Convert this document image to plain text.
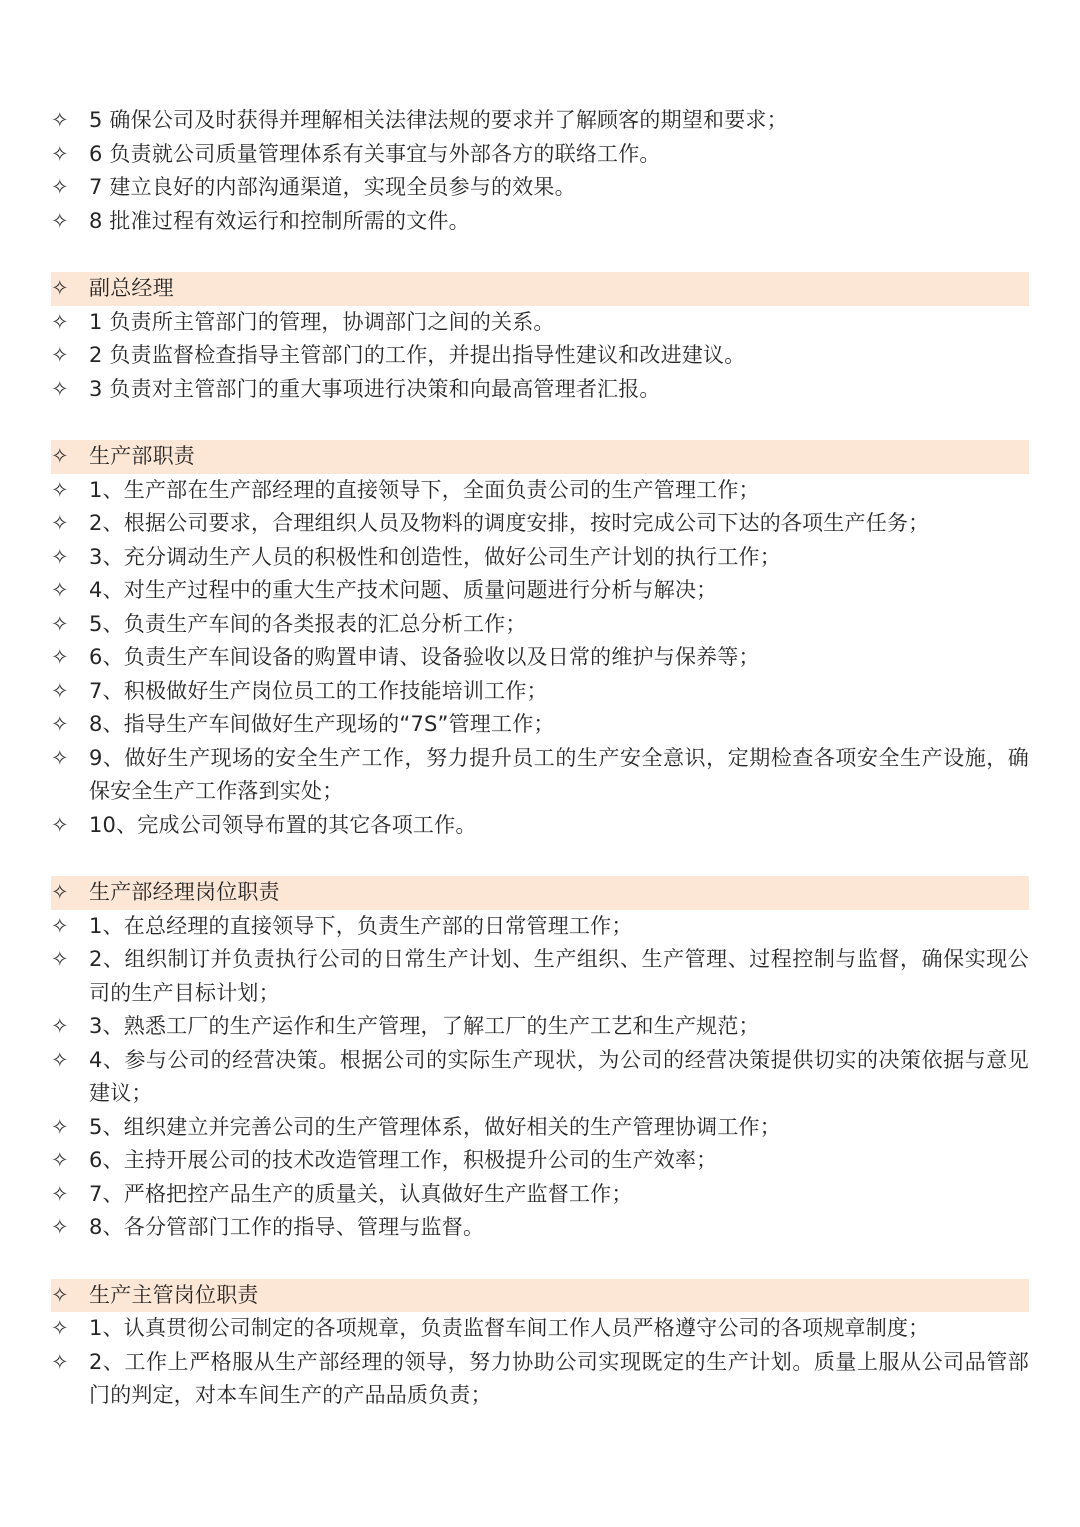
✧ 5 确保公司及时获得并理解相关法律法规的要求并了解顾客的期望和要求；
✧ 6 负责就公司质量管理体系有关事宜与外部各方的联络工作。
✧ 7 建立良好的内部沟通渠道，实现全员参与的效果。
✧ 8 批准过程有效运行和控制所需的文件。
✧ 副总经理
✧ 1 负责所主管部门的管理，协调部门之间的关系。
✧ 2 负责监督检查指导主管部门的工作，并提出指导性建议和改进建议。
✧ 3 负责对主管部门的重大事项进行决策和向最高管理者汇报。
✧ 生产部职责
✧ 1、生产部在生产部经理的直接领导下，全面负责公司的生产管理工作；
✧ 2、根据公司要求，合理组织人员及物料的调度安排，按时完成公司下达的各项生产任务；
✧ 3、充分调动生产人员的积极性和创造性，做好公司生产计划的执行工作；
✧ 4、对生产过程中的重大生产技术问题、质量问题进行分析与解决；
✧ 5、负责生产车间的各类报表的汇总分析工作；
✧ 6、负责生产车间设备的购置申请、设备验收以及日常的维护与保养等；
✧ 7、积极做好生产岗位员工的工作技能培训工作；
✧ 8、指导生产车间做好生产现场的“7S”管理工作；
✧ 9、做好生产现场的安全生产工作，努力提升员工的生产安全意识，定期检查各项安全生产设施，确保安全生产工作落到实处；
✧ 10、完成公司领导布置的其它各项工作。
✧ 生产部经理岗位职责
✧ 1、在总经理的直接领导下，负责生产部的日常管理工作；
✧ 2、组织制订并负责执行公司的日常生产计划、生产组织、生产管理、过程控制与监督，确保实现公司的生产目标计划；
✧ 3、熟悉工厂的生产运作和生产管理，了解工厂的生产工艺和生产规范；
✧ 4、参与公司的经营决策。根据公司的实际生产现状，为公司的经营决策提供切实的决策依据与意见建议；
✧ 5、组织建立并完善公司的生产管理体系，做好相关的生产管理协调工作；
✧ 6、主持开展公司的技术改造管理工作，积极提升公司的生产效率；
✧ 7、严格把控产品生产的质量关，认真做好生产监督工作；
✧ 8、各分管部门工作的指导、管理与监督。
✧ 生产主管岗位职责
✧ 1、认真贯彻公司制定的各项规章，负责监督车间工作人员严格遵守公司的各项规章制度；
✧ 2、工作上严格服从生产部经理的领导，努力协助公司实现既定的生产计划。质量上服从公司品管部门的判定，对本车间生产的产品品质负责；
